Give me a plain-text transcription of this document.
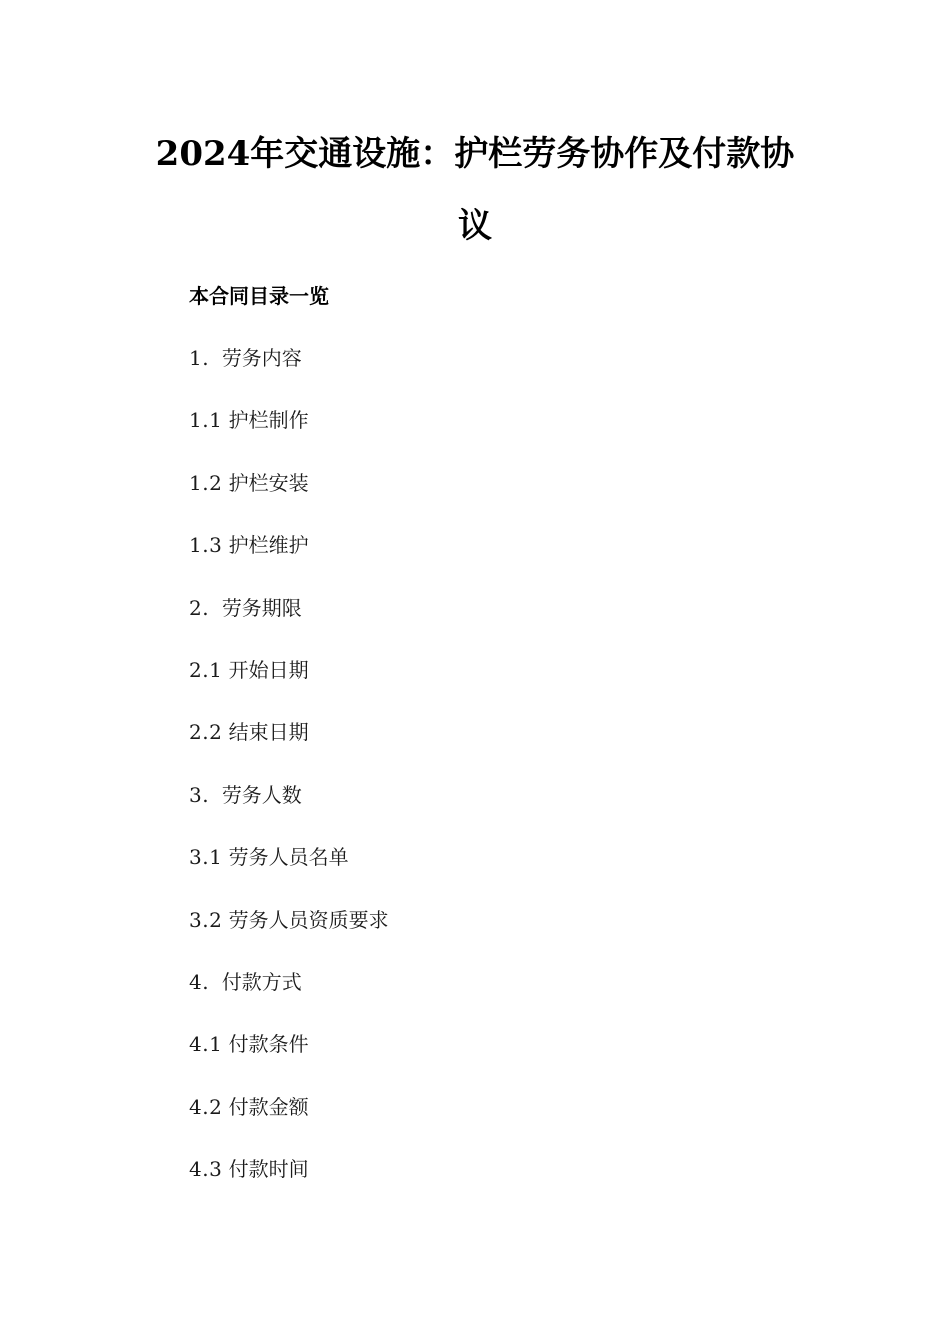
2024年交通设施：护栏劳务协作及付款协
议
本合同目录一览
1. 劳务内容
1.1 护栏制作
1.2 护栏安装
1.3 护栏维护
2. 劳务期限
2.1 开始日期
2.2 结束日期
3. 劳务人数
3.1 劳务人员名单
3.2 劳务人员资质要求
4. 付款方式
4.1 付款条件
4.2 付款金额
4.3 付款时间
